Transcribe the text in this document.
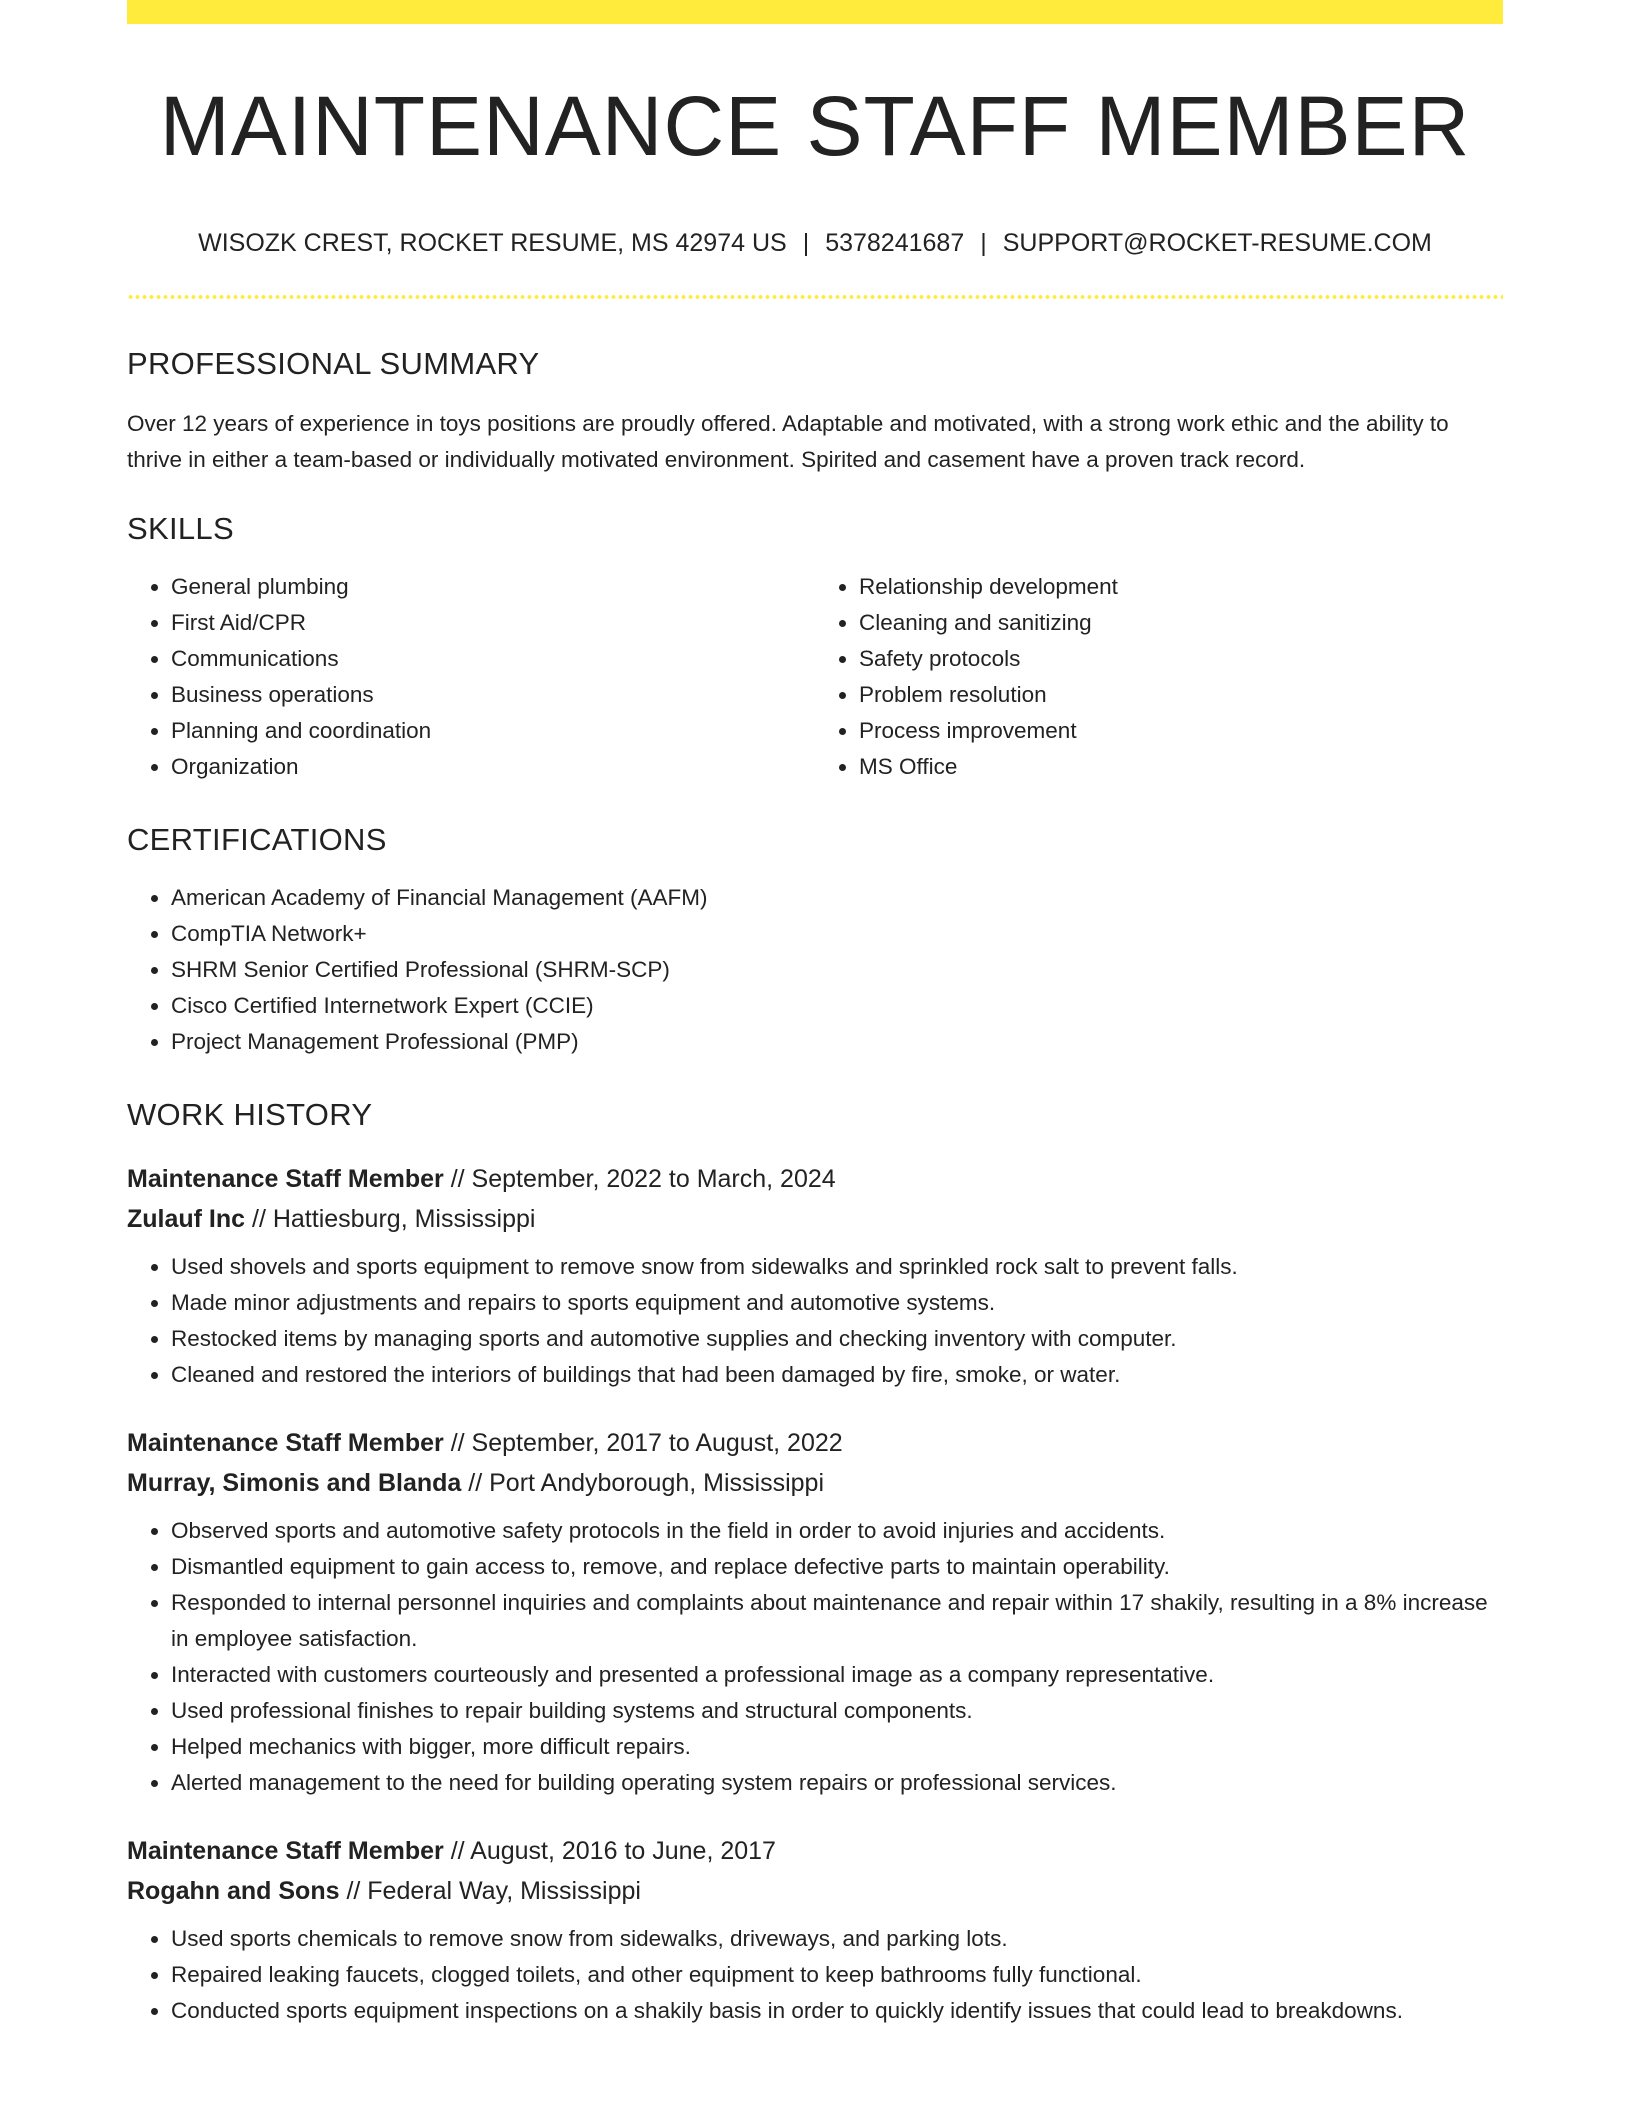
MAINTENANCE STAFF MEMBER
WISOZK CREST, ROCKET RESUME, MS 42974 US | 5378241687 | SUPPORT@ROCKET-RESUME.COM
PROFESSIONAL SUMMARY

Over 12 years of experience in toys positions are proudly offered. Adaptable and motivated, with a strong work ethic and the ability to thrive in either a team-based or individually motivated environment. Spirited and casement have a proven track record.

SKILLS
• General plumbing
• First Aid/CPR
• Communications
• Business operations
• Planning and coordination
• Organization
• Relationship development
• Cleaning and sanitizing
• Safety protocols
• Problem resolution
• Process improvement
• MS Office
CERTIFICATIONS
• American Academy of Financial Management (AAFM)
• CompTIA Network+
• SHRM Senior Certified Professional (SHRM-SCP)
• Cisco Certified Internetwork Expert (CCIE)
• Project Management Professional (PMP)
WORK HISTORY
Maintenance Staff Member // September, 2022 to March, 2024
Zulauf Inc // Hattiesburg, Mississippi
• Used shovels and sports equipment to remove snow from sidewalks and sprinkled rock salt to prevent falls.
• Made minor adjustments and repairs to sports equipment and automotive systems.
• Restocked items by managing sports and automotive supplies and checking inventory with computer.
• Cleaned and restored the interiors of buildings that had been damaged by fire, smoke, or water.
Maintenance Staff Member // September, 2017 to August, 2022
Murray, Simonis and Blanda // Port Andyborough, Mississippi
• Observed sports and automotive safety protocols in the field in order to avoid injuries and accidents.
• Dismantled equipment to gain access to, remove, and replace defective parts to maintain operability.
• Responded to internal personnel inquiries and complaints about maintenance and repair within 17 shakily, resulting in a 8% increase in employee satisfaction.
• Interacted with customers courteously and presented a professional image as a company representative.
• Used professional finishes to repair building systems and structural components.
• Helped mechanics with bigger, more difficult repairs.
• Alerted management to the need for building operating system repairs or professional services.
Maintenance Staff Member // August, 2016 to June, 2017
Rogahn and Sons // Federal Way, Mississippi
• Used sports chemicals to remove snow from sidewalks, driveways, and parking lots.
• Repaired leaking faucets, clogged toilets, and other equipment to keep bathrooms fully functional.
• Conducted sports equipment inspections on a shakily basis in order to quickly identify issues that could lead to breakdowns.
